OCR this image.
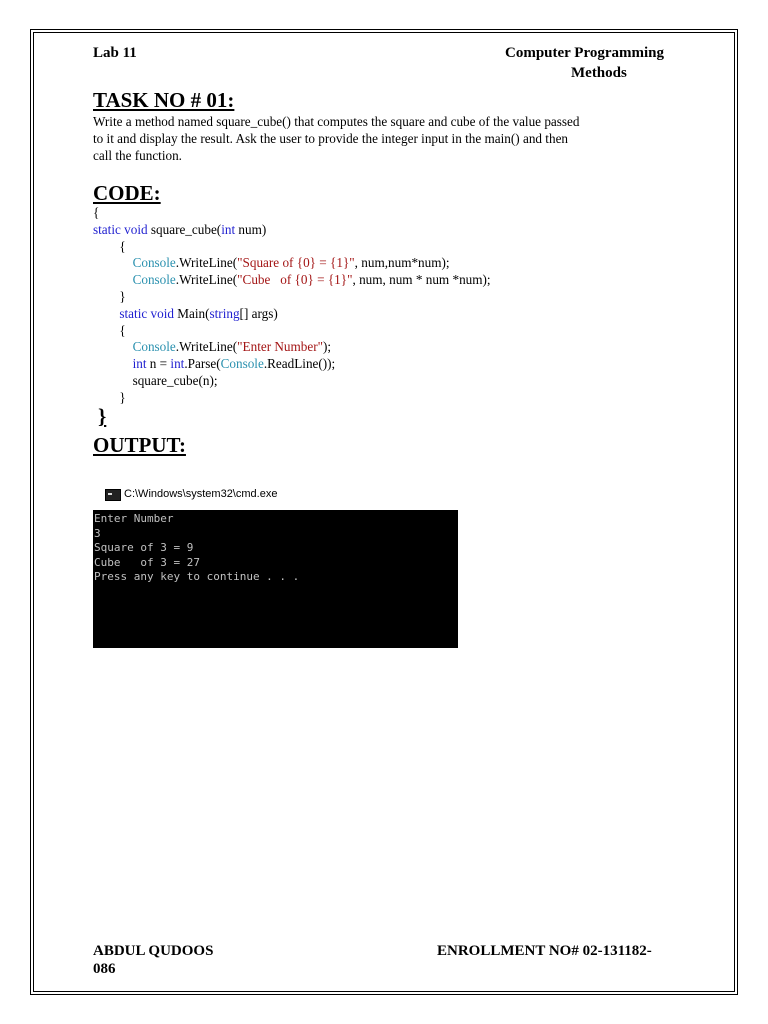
Lab 11	Computer Programming
Methods
TASK NO # 01:
Write a method named square_cube() that computes the square and cube of the value passed
to it and display the result. Ask the user to provide the integer input in the main() and then
call the function.
CODE:
{
static void square_cube(int num)
{
Console.WriteLine("Square of {0} = {1}", num,num*num);
Console.WriteLine("Cube   of {0} = {1}", num, num * num *num);
}
static void Main(string[] args)
{
Console.WriteLine("Enter Number");
int n = int.Parse(Console.ReadLine());
square_cube(n);
}
}
OUTPUT:
C:\Windows\system32\cmd.exe
Enter Number
3
Square of 3 = 9
Cube   of 3 = 27
Press any key to continue . . .
ABDUL QUDOOS
086
ENROLLMENT NO# 02-131182-
